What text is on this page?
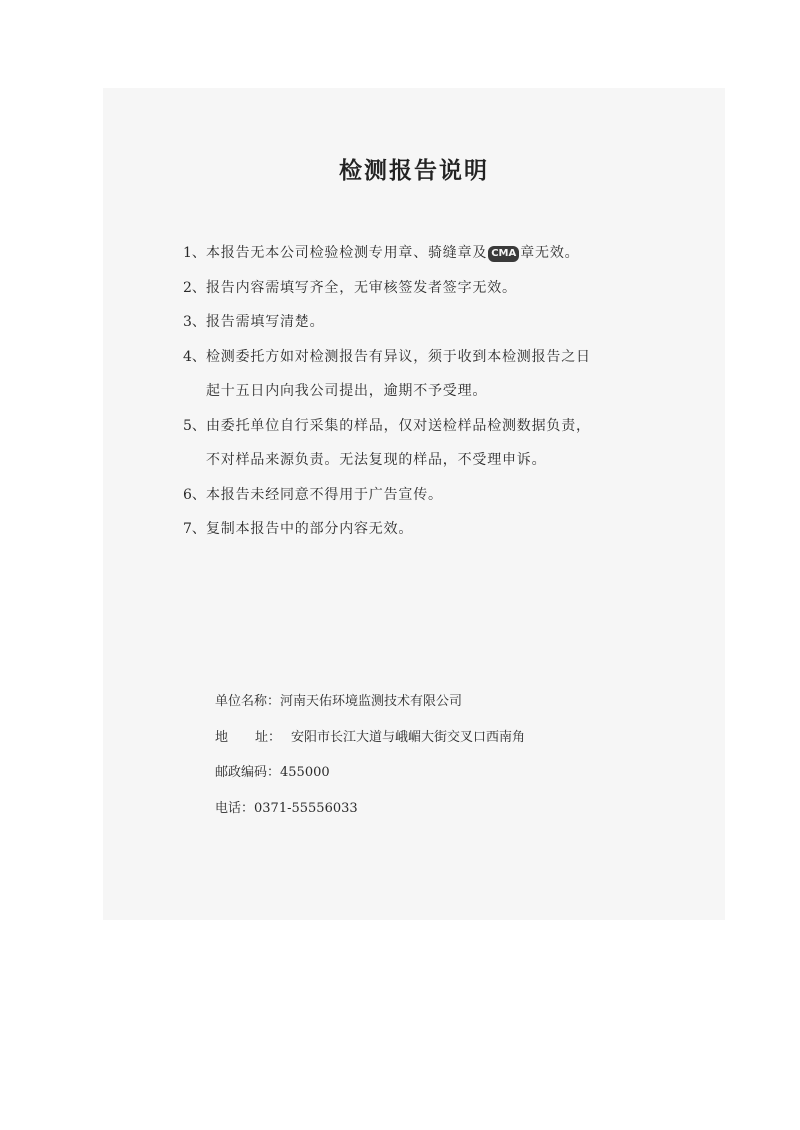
检测报告说明
1、 本报告无本公司检验检测专用章、骑缝章及 CMA 章无效。
2、 报告内容需填写齐全，无审核签发者签字无效。
3、 报告需填写清楚。
4、 检测委托方如对检测报告有异议，须于收到本检测报告之日
起十五日内向我公司提出，逾期不予受理。
5、 由委托单位自行采集的样品，仅对送检样品检测数据负责，
不对样品来源负责。无法复现的样品，不受理申诉。
6、 本报告未经同意不得用于广告宣传。
7、 复制本报告中的部分内容无效。
单位名称： 河南天佑环境监测技术有限公司
地 址： 安阳市长江大道与峨嵋大街交叉口西南角
邮政编码： 455000
电话： 0371-55556033
